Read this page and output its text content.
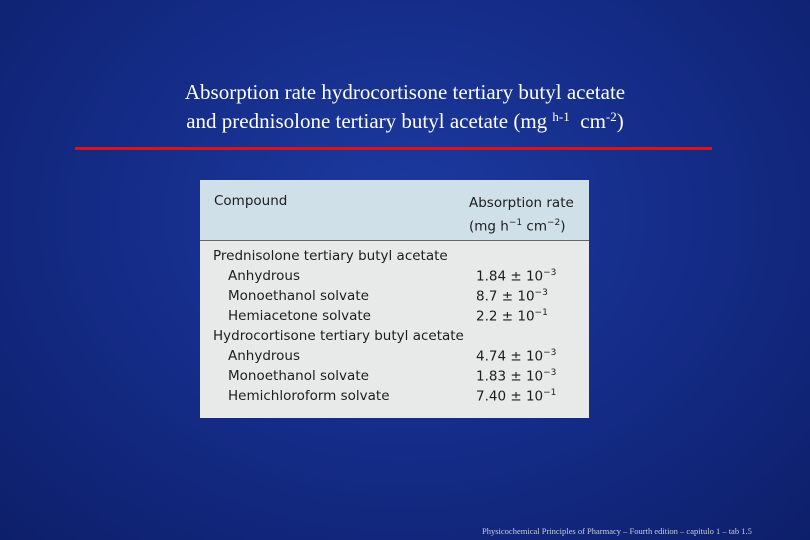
Absorption rate hydrocortisone tertiary butyl acetate
and prednisolone tertiary butyl acetate (mg $^{h-1}$ $cm^{-2}$)
Compound	Absorption rate
(mg $h^{-1}$ $cm^{-2}$)
Prednisolone tertiary butyl acetate
Anhydrous	$1.84 \pm 10^{-3}$
Monoethanol solvate	$8.7 \pm 10^{-3}$
Hemiacetone solvate	$2.2 \pm 10^{-1}$
Hydrocortisone tertiary butyl acetate
Anhydrous	$4.74 \pm 10^{-3}$
Monoethanol solvate	$1.83 \pm 10^{-3}$
Hemichloroform solvate	$7.40 \pm 10^{-1}$
Physicochemical Principles of Pharmacy – Fourth edition – capitulo 1 – tab 1.5
